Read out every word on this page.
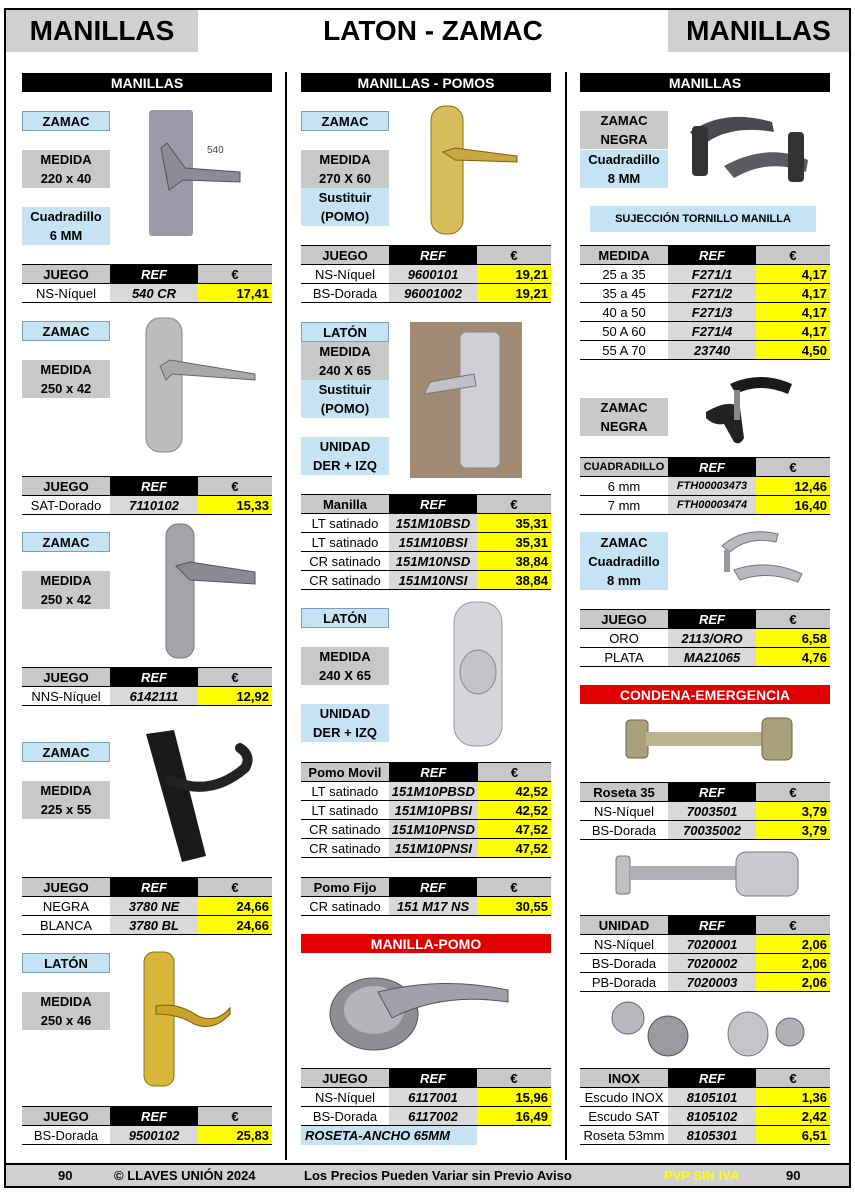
MANILLAS	LATON - ZAMAC	MANILLAS
MANILLAS
ZAMAC
MEDIDA
220 x 40
Cuadradillo
6 MM
540
JUEGO	REF	€
NS-Níquel	540 CR	17,41
ZAMAC
MEDIDA
250 x 42
JUEGO	REF	€
SAT-Dorado	7110102	15,33
ZAMAC
MEDIDA
250 x 42
JUEGO	REF	€
NNS-Níquel	6142111	12,92
ZAMAC
MEDIDA
225 x 55
JUEGO	REF	€
NEGRA	3780 NE	24,66
BLANCA	3780 BL	24,66
LATÓN
MEDIDA
250 x 46
JUEGO	REF	€
BS-Dorada	9500102	25,83
MANILLAS - POMOS
ZAMAC
MEDIDA
270 X 60
Sustituir
(POMO)
JUEGO	REF	€
NS-Níquel	9600101	19,21
BS-Dorada	96001002	19,21
LATÓN
MEDIDA
240 X 65
Sustituir
(POMO)
UNIDAD
DER + IZQ
Manilla	REF	€
LT satinado	151M10BSD	35,31
LT satinado	151M10BSI	35,31
CR satinado	151M10NSD	38,84
CR satinado	151M10NSI	38,84
LATÓN
MEDIDA
240 X 65
UNIDAD
DER + IZQ
Pomo Movil	REF	€
LT satinado	151M10PBSD	42,52
LT satinado	151M10PBSI	42,52
CR satinado	151M10PNSD	47,52
CR satinado	151M10PNSI	47,52
Pomo Fijo	REF	€
CR satinado	151 M17 NS	30,55
MANILLA-POMO
JUEGO	REF	€
NS-Níquel	6117001	15,96
BS-Dorada	6117002	16,49
ROSETA-ANCHO 65MM
MANILLAS
ZAMAC
NEGRA
Cuadradillo
8 MM
SUJECCIÓN TORNILLO MANILLA
MEDIDA	REF	€
25 a 35	F271/1	4,17
35 a 45	F271/2	4,17
40 a 50	F271/3	4,17
50 A 60	F271/4	4,17
55 A 70	23740	4,50
ZAMAC
NEGRA
CUADRADILLO	REF	€
6 mm	FTH00003473	12,46
7 mm	FTH00003474	16,40
ZAMAC
Cuadradillo
8 mm
JUEGO	REF	€
ORO	2113/ORO	6,58
PLATA	MA21065	4,76
CONDENA-EMERGENCIA
Roseta 35	REF	€
NS-Níquel	7003501	3,79
BS-Dorada	70035002	3,79
UNIDAD	REF	€
NS-Níquel	7020001	2,06
BS-Dorada	7020002	2,06
PB-Dorada	7020003	2,06
INOX	REF	€
Escudo INOX	8105101	1,36
Escudo SAT	8105102	2,42
Roseta 53mm	8105301	6,51
90	© LLAVES UNIÓN 2024	Los Precios Pueden Variar sin Previo Aviso	PVP SIN IVA	90
